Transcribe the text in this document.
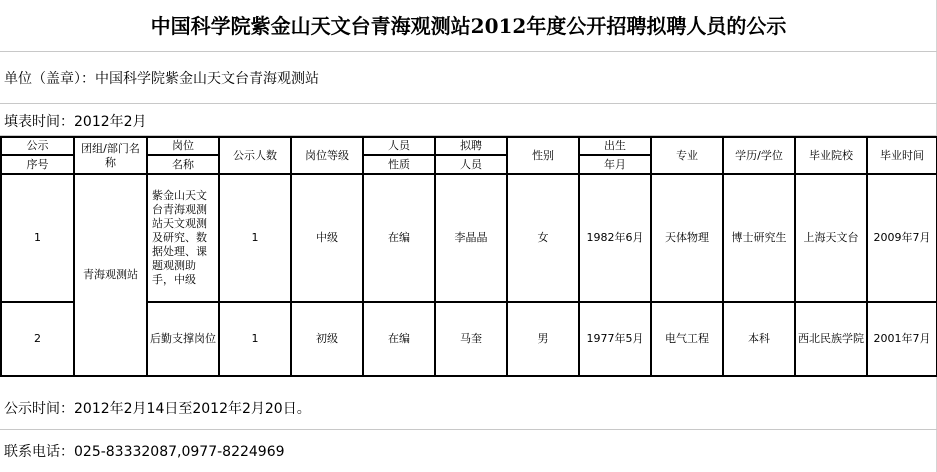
中国科学院紫金山天文台青海观测站2012年度公开招聘拟聘人员的公示
单位（盖章）：中国科学院紫金山天文台青海观测站
填表时间：2012年2月
公示	团组/部门名称	岗位	公示人数	岗位等级	人员	拟聘	性别	出生	专业	学历/学位	毕业院校	毕业时间
序号		名称			性质	人员		年月				
1	青海观测站	紫金山天文台青海观测站天文观测及研究、数据处理、课题观测助手，中级	1	中级	在编	李晶晶	女	1982年6月	天体物理	博士研究生	上海天文台	2009年7月
2		后勤支撑岗位	1	初级	在编	马奎	男	1977年5月	电气工程	本科	西北民族学院	2001年7月
公示时间：2012年2月14日至2012年2月20日。
联系电话：025-83332087,0977-8224969
